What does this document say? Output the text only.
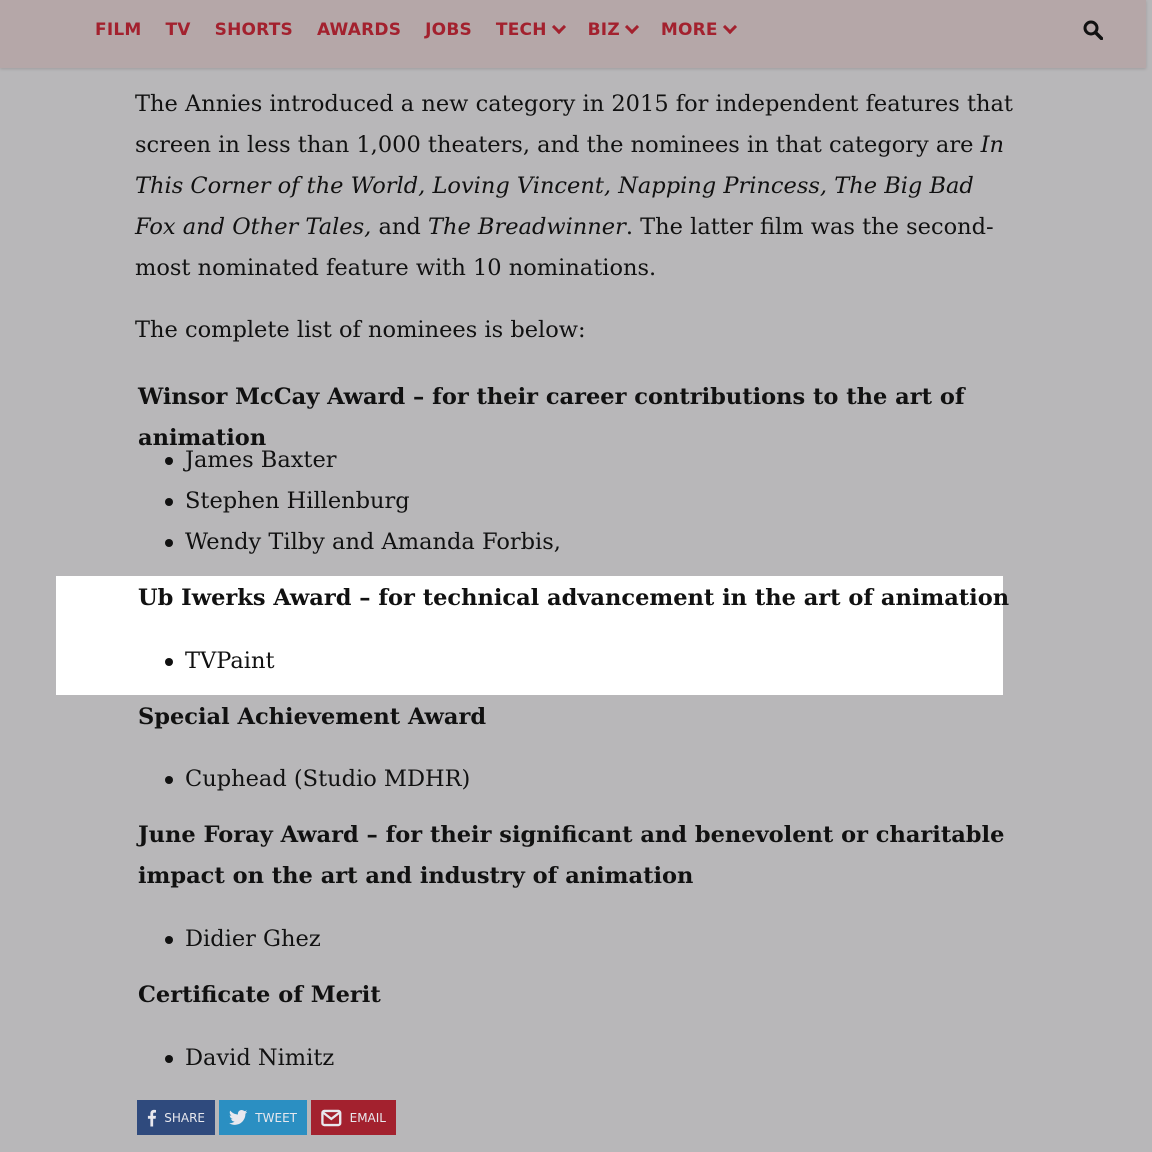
FILM TV SHORTS AWARDS JOBS TECH BIZ MORE

The Annies introduced a new category in 2015 for independent features that screen in less than 1,000 theaters, and the nominees in that category are In This Corner of the World, Loving Vincent, Napping Princess, The Big Bad Fox and Other Tales, and The Breadwinner. The latter film was the second-most nominated feature with 10 nominations.

The complete list of nominees is below:

Winsor McCay Award – for their career contributions to the art of animation
James Baxter
Stephen Hillenburg
Wendy Tilby and Amanda Forbis,
Ub Iwerks Award – for technical advancement in the art of animation
TVPaint
Special Achievement Award
Cuphead (Studio MDHR)
June Foray Award – for their significant and benevolent or charitable impact on the art and industry of animation
Didier Ghez
Certificate of Merit
David Nimitz
SHARE	TWEET	EMAIL
